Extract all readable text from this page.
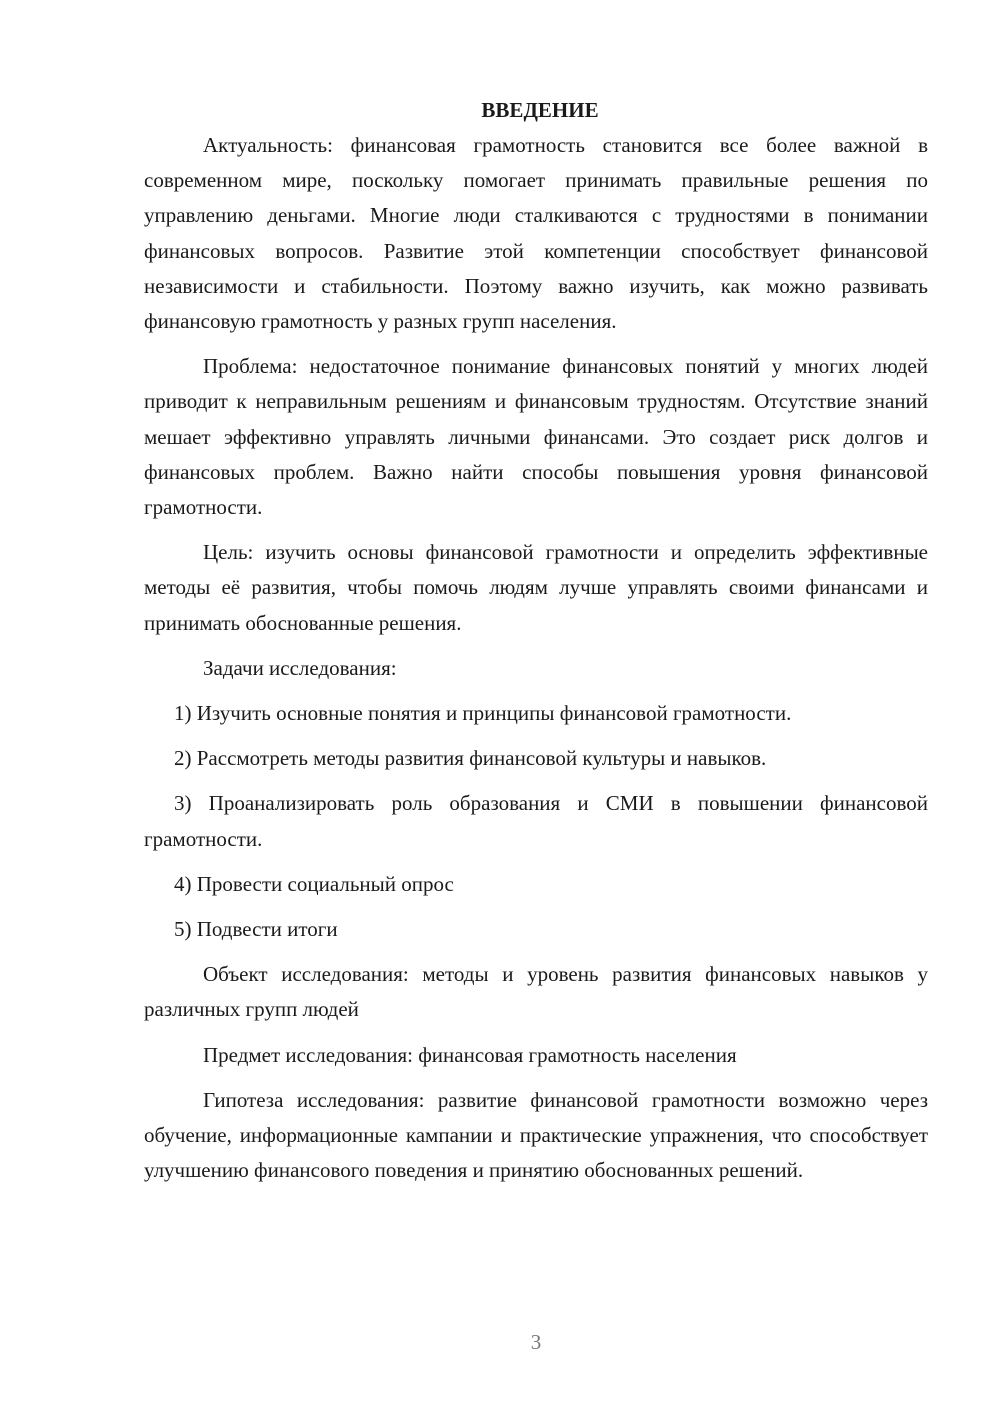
ВВЕДЕНИЕ

Актуальность: финансовая грамотность становится все более важной в современном мире, поскольку помогает принимать правильные решения по управлению деньгами. Многие люди сталкиваются с трудностями в понимании финансовых вопросов. Развитие этой компетенции способствует финансовой независимости и стабильности. Поэтому важно изучить, как можно развивать финансовую грамотность у разных групп населения.

Проблема: недостаточное понимание финансовых понятий у многих людей приводит к неправильным решениям и финансовым трудностям. Отсутствие знаний мешает эффективно управлять личными финансами. Это создает риск долгов и финансовых проблем. Важно найти способы повышения уровня финансовой грамотности.

Цель: изучить основы финансовой грамотности и определить эффективные методы её развития, чтобы помочь людям лучше управлять своими финансами и принимать обоснованные решения.

Задачи исследования:

1) Изучить основные понятия и принципы финансовой грамотности.

2) Рассмотреть методы развития финансовой культуры и навыков.

3) Проанализировать роль образования и СМИ в повышении финансовой грамотности.

4) Провести социальный опрос

5) Подвести итоги

Объект исследования: методы и уровень развития финансовых навыков у различных групп людей

Предмет исследования: финансовая грамотность населения

Гипотеза исследования: развитие финансовой грамотности возможно через обучение, информационные кампании и практические упражнения, что способствует улучшению финансового поведения и принятию обоснованных решений.

3
